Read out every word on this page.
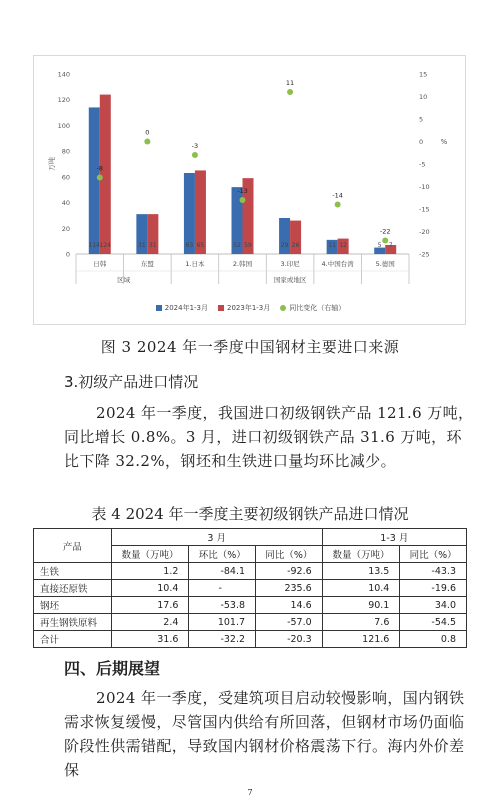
0
20
40
60
80
100
120
140
-25
-20
-15
-10
-5
0
5
10
15
万吨
%
114 124
-8
日韩
31 31
0
东盟
63 65
-3
1.日本
52 59
-13
2.韩国
29 26
11
3.印尼
11 12
-14
4.中国台湾
5 7
-22
5.德国
区域	国家或地区
2024年1-3月	2023年1-3月	同比变化（右轴）
图 3 2024 年一季度中国钢材主要进口来源
3.初级产品进口情况

2024 年一季度，我国进口初级钢铁产品 121.6 万吨，同比增长 0.8%。3 月，进口初级钢铁产品 31.6 万吨，环比下降 32.2%，钢坯和生铁进口量均环比减少。

表 4 2024 年一季度主要初级钢铁产品进口情况
产品	3 月			1-3 月	
	数量（万吨）	环比（%）	同比（%）	数量（万吨）	同比（%）
生铁	1.2	-84.1	-92.6	13.5	-43.3
直接还原铁	10.4	-	235.6	10.4	-19.6
钢坯	17.6	-53.8	14.6	90.1	34.0
再生钢铁原料	2.4	101.7	-57.0	7.6	-54.5
合计	31.6	-32.2	-20.3	121.6	0.8
四、后期展望

2024 年一季度，受建筑项目启动较慢影响，国内钢铁需求恢复缓慢，尽管国内供给有所回落，但钢材市场仍面临阶段性供需错配，导致国内钢材价格震荡下行。海内外价差保

7
